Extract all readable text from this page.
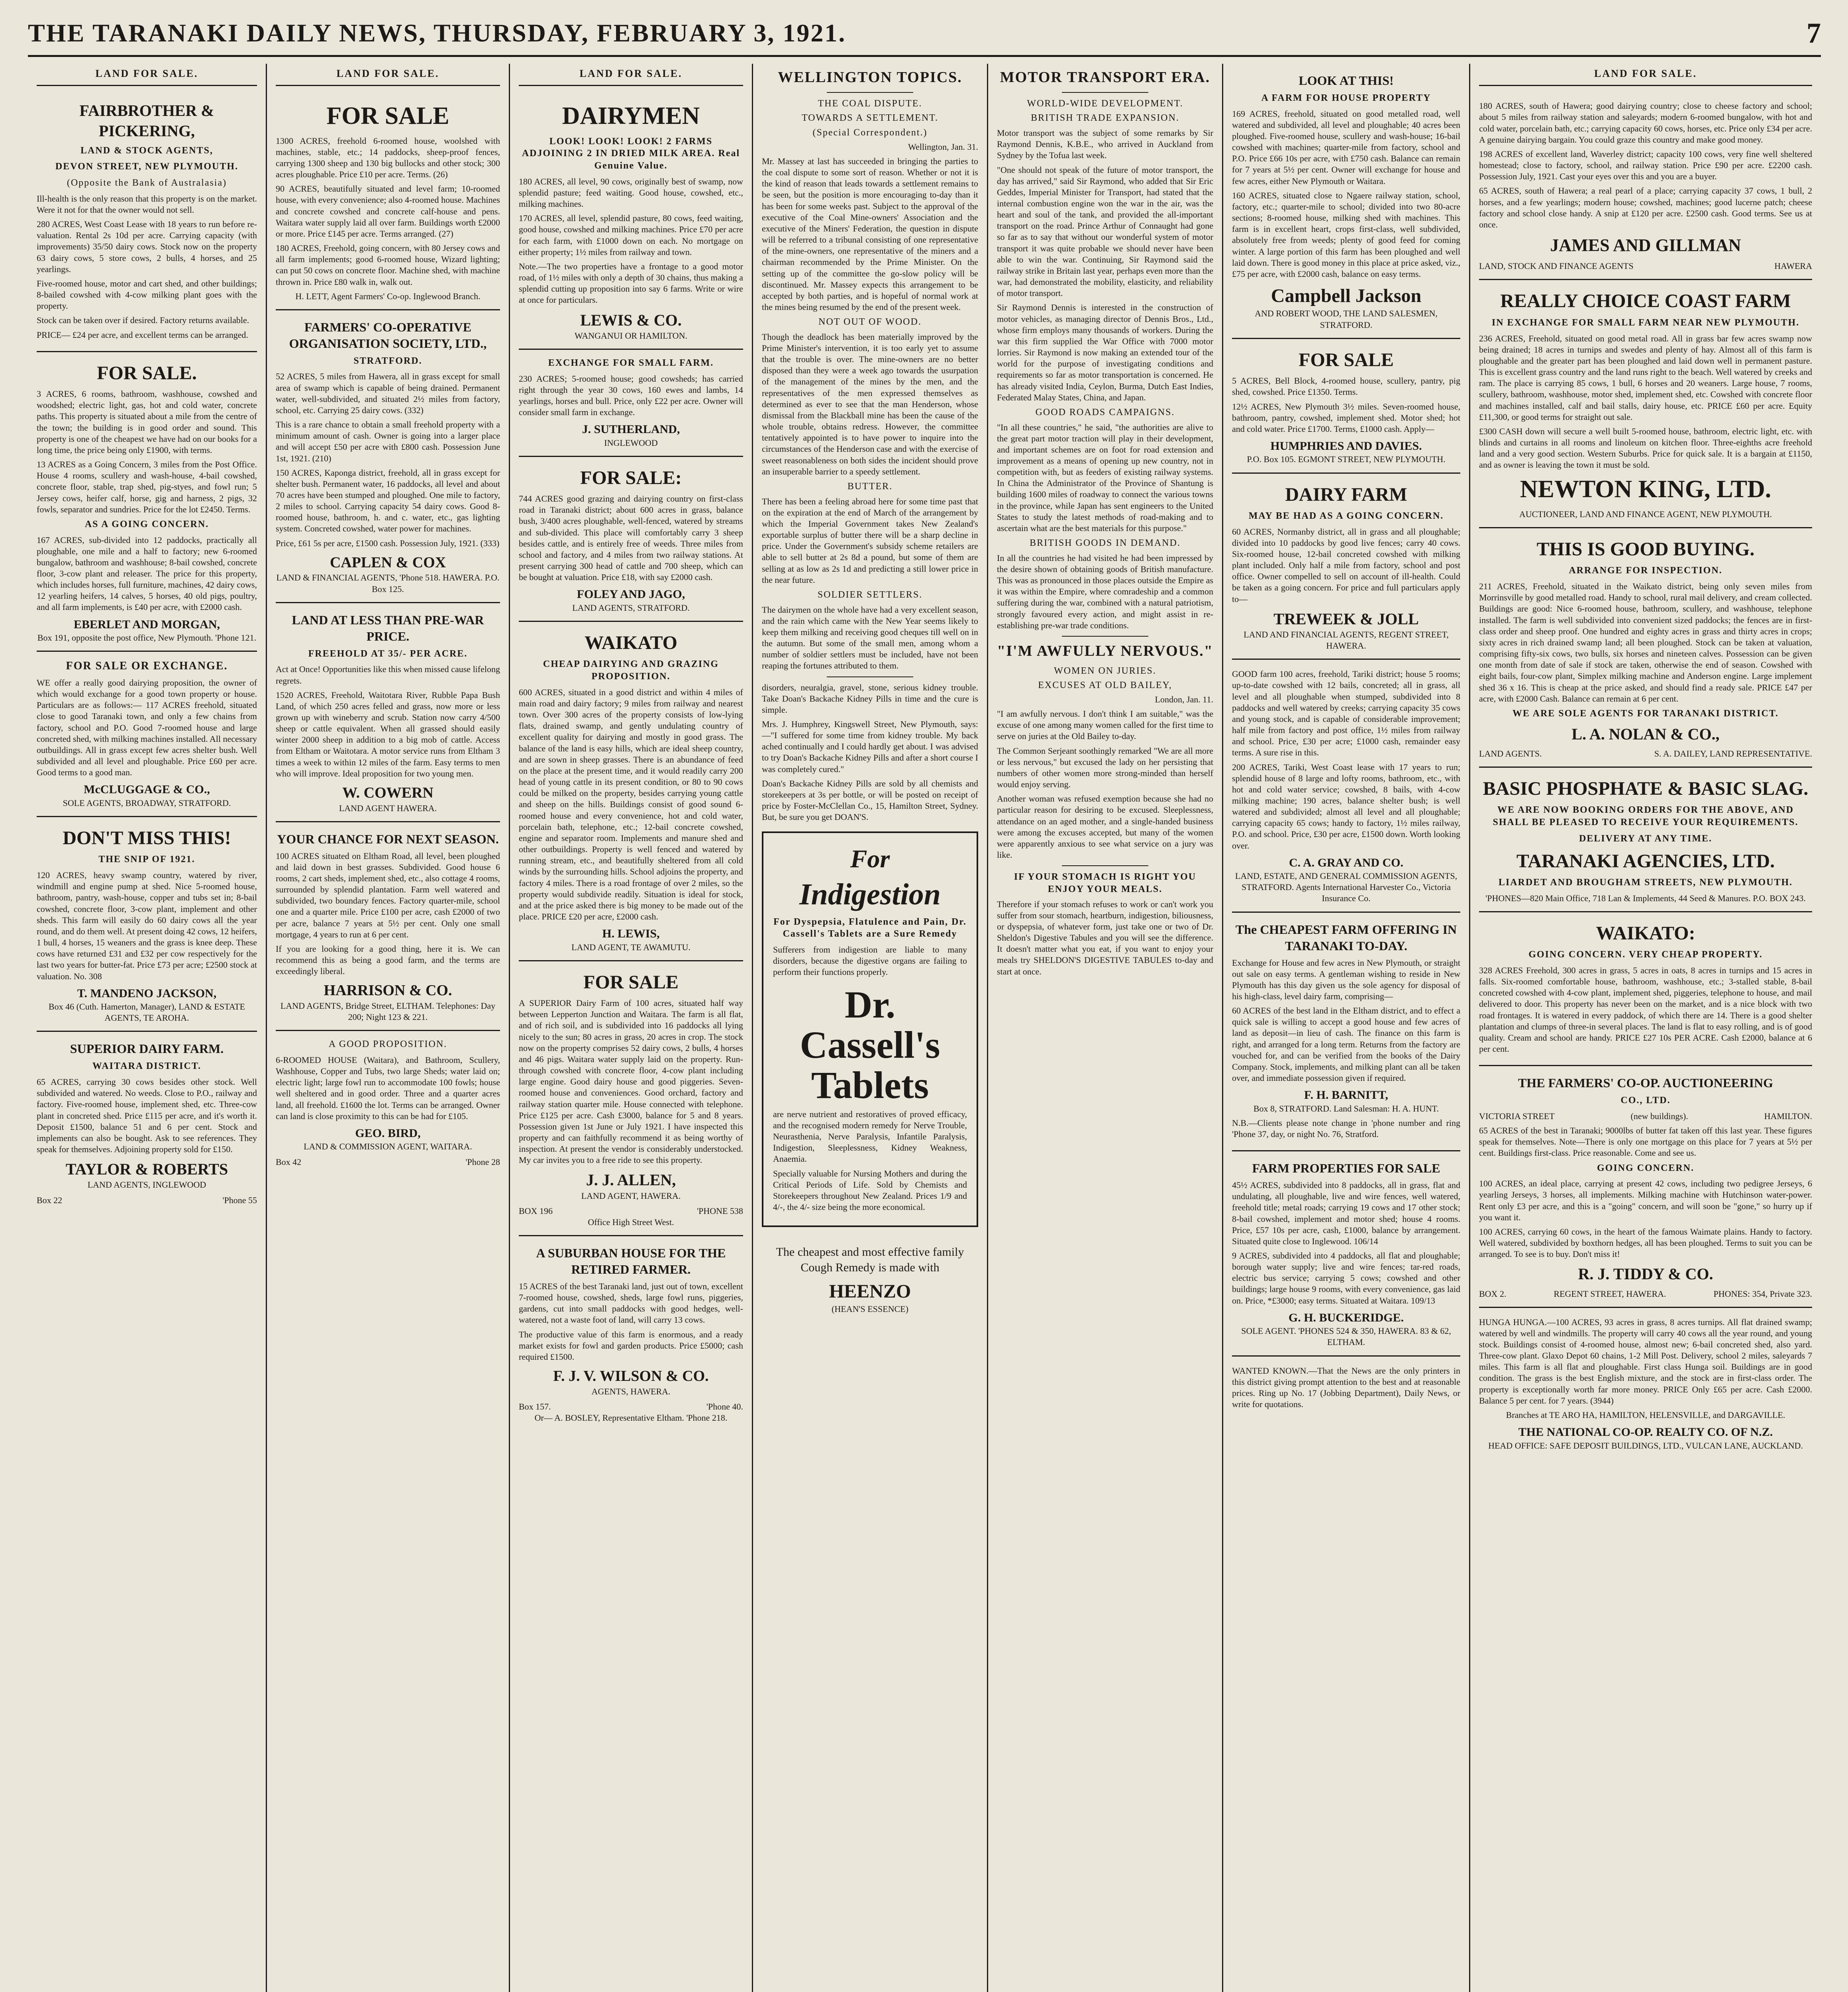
THE TARANAKI DAILY NEWS, THURSDAY, FEBRUARY 3, 1921.	7
LAND FOR SALE.
FAIRBROTHER & PICKERING,
LAND & STOCK AGENTS,
DEVON STREET, NEW PLYMOUTH.
(Opposite the Bank of Australasia)
Ill-health is the only reason that this property is on the market. Were it not for that the owner would not sell.
280 ACRES, West Coast Lease with 18 years to run before re-valuation. Rental 2s 10d per acre. Carrying capacity (with improvements) 35/50 dairy cows. Stock now on the property 63 dairy cows, 5 store cows, 2 bulls, 4 horses, and 25 yearlings.
Five-roomed house, motor and cart shed, and other buildings; 8-bailed cowshed with 4-cow milking plant goes with the property.
Stock can be taken over if desired. Factory returns available.
PRICE— £24 per acre, and excellent terms can be arranged.
FOR SALE.
3 ACRES, 6 rooms, bathroom, washhouse, cowshed and woodshed; electric light, gas, hot and cold water, concrete paths. This property is situated about a mile from the centre of the town; the building is in good order and sound. This property is one of the cheapest we have had on our books for a long time, the price being only £1900, with terms.
13 ACRES as a Going Concern, 3 miles from the Post Office. House 4 rooms, scullery and wash-house, 4-bail cowshed, concrete floor, stable, trap shed, pig-styes, and fowl run; 5 Jersey cows, heifer calf, horse, gig and harness, 2 pigs, 32 fowls, separator and sundries. Price for the lot £2450. Terms.
AS A GOING CONCERN.
167 ACRES, sub-divided into 12 paddocks, practically all ploughable, one mile and a half to factory; new 6-roomed bungalow, bathroom and washhouse; 8-bail cowshed, concrete floor, 3-cow plant and releaser. The price for this property, which includes horses, full furniture, machines, 42 dairy cows, 12 yearling heifers, 14 calves, 5 horses, 40 old pigs, poultry, and all farm implements, is £40 per acre, with £2000 cash.
EBERLET AND MORGAN,
Box 191, opposite the post office, New Plymouth. 'Phone 121.
FOR SALE OR EXCHANGE.
WE offer a really good dairying proposition, the owner of which would exchange for a good town property or house. Particulars are as follows:— 117 ACRES freehold, situated close to good Taranaki town, and only a few chains from factory, school and P.O. Good 7-roomed house and large concreted shed, with milking machines installed. All necessary outbuildings. All in grass except few acres shelter bush. Well subdivided and all level and ploughable. Price £60 per acre. Good terms to a good man.
McCLUGGAGE & CO.,
SOLE AGENTS, BROADWAY, STRATFORD.
DON'T MISS THIS!
THE SNIP OF 1921.
120 ACRES, heavy swamp country, watered by river, windmill and engine pump at shed. Nice 5-roomed house, bathroom, pantry, wash-house, copper and tubs set in; 8-bail cowshed, concrete floor, 3-cow plant, implement and other sheds. This farm will easily do 60 dairy cows all the year round, and do them well. At present doing 42 cows, 12 heifers, 1 bull, 4 horses, 15 weaners and the grass is knee deep. These cows have returned £31 and £32 per cow respectively for the last two years for butter-fat. Price £73 per acre; £2500 stock at valuation. No. 308
T. MANDENO JACKSON,
Box 46 (Cuth. Hamerton, Manager), LAND & ESTATE AGENTS, TE AROHA.
SUPERIOR DAIRY FARM.
WAITARA DISTRICT.
65 ACRES, carrying 30 cows besides other stock. Well subdivided and watered. No weeds. Close to P.O., railway and factory. Five-roomed house, implement shed, etc. Three-cow plant in concreted shed. Price £115 per acre, and it's worth it. Deposit £1500, balance 51 and 6 per cent. Stock and implements can also be bought. Ask to see references. They speak for themselves. Adjoining property sold for £150.
TAYLOR & ROBERTS
LAND AGENTS, INGLEWOOD
Box 22	'Phone 55
LAND FOR SALE.
FOR SALE
1300 ACRES, freehold 6-roomed house, woolshed with machines, stable, etc.; 14 paddocks, sheep-proof fences, carrying 1300 sheep and 130 big bullocks and other stock; 300 acres ploughable. Price £10 per acre. Terms. (26)
90 ACRES, beautifully situated and level farm; 10-roomed house, with every convenience; also 4-roomed house. Machines and concrete cowshed and concrete calf-house and pens. Waitara water supply laid all over farm. Buildings worth £2000 or more. Price £145 per acre. Terms arranged. (27)
180 ACRES, Freehold, going concern, with 80 Jersey cows and all farm implements; good 6-roomed house, Wizard lighting; can put 50 cows on concrete floor. Machine shed, with machine thrown in. Price £80 walk in, walk out.
H. LETT, Agent Farmers' Co-op. Inglewood Branch.
FARMERS' CO-OPERATIVE ORGANISATION SOCIETY, LTD.,
STRATFORD.
52 ACRES, 5 miles from Hawera, all in grass except for small area of swamp which is capable of being drained. Permanent water, well-subdivided, and situated 2½ miles from factory, school, etc. Carrying 25 dairy cows. (332)
This is a rare chance to obtain a small freehold property with a minimum amount of cash. Owner is going into a larger place and will accept £50 per acre with £800 cash. Possession June 1st, 1921. (210)
150 ACRES, Kaponga district, freehold, all in grass except for shelter bush. Permanent water, 16 paddocks, all level and about 70 acres have been stumped and ploughed. One mile to factory, 2 miles to school. Carrying capacity 54 dairy cows. Good 8-roomed house, bathroom, h. and c. water, etc., gas lighting system. Concreted cowshed, water power for machines.
Price, £61 5s per acre, £1500 cash. Possession July, 1921. (333)
CAPLEN & COX
LAND & FINANCIAL AGENTS, 'Phone 518. HAWERA. P.O. Box 125.
LAND AT LESS THAN PRE-WAR PRICE.
FREEHOLD AT 35/- PER ACRE.
Act at Once! Opportunities like this when missed cause lifelong regrets.
1520 ACRES, Freehold, Waitotara River, Rubble Papa Bush Land, of which 250 acres felled and grass, now more or less grown up with wineberry and scrub. Station now carry 4/500 sheep or cattle equivalent. When all grassed should easily winter 2000 sheep in addition to a big mob of cattle. Access from Eltham or Waitotara. A motor service runs from Eltham 3 times a week to within 12 miles of the farm. Easy terms to men who will improve. Ideal proposition for two young men.
W. COWERN
LAND AGENT HAWERA.
YOUR CHANCE FOR NEXT SEASON.
100 ACRES situated on Eltham Road, all level, been ploughed and laid down in best grasses. Subdivided. Good house 6 rooms, 2 cart sheds, implement shed, etc., also cottage 4 rooms, surrounded by splendid plantation. Farm well watered and subdivided, two boundary fences. Factory quarter-mile, school one and a quarter mile. Price £100 per acre, cash £2000 of two per acre, balance 7 years at 5½ per cent. Only one small mortgage, 4 years to run at 6 per cent.
If you are looking for a good thing, here it is. We can recommend this as being a good farm, and the terms are exceedingly liberal.
HARRISON & CO.
LAND AGENTS, Bridge Street, ELTHAM. Telephones: Day 200; Night 123 & 221.
A GOOD PROPOSITION.
6-ROOMED HOUSE (Waitara), and Bathroom, Scullery, Washhouse, Copper and Tubs, two large Sheds; water laid on; electric light; large fowl run to accommodate 100 fowls; house well sheltered and in good order. Three and a quarter acres land, all freehold. £1600 the lot. Terms can be arranged. Owner can land is close proximity to this can be had for £105.
GEO. BIRD,
LAND & COMMISSION AGENT, WAITARA.
Box 42	'Phone 28
LAND FOR SALE.
DAIRYMEN
LOOK! LOOK! LOOK! 2 FARMS ADJOINING 2 IN DRIED MILK AREA. Real Genuine Value.
180 ACRES, all level, 90 cows, originally best of swamp, now splendid pasture; feed waiting. Good house, cowshed, etc., milking machines.
170 ACRES, all level, splendid pasture, 80 cows, feed waiting, good house, cowshed and milking machines. Price £70 per acre for each farm, with £1000 down on each. No mortgage on either property; 1½ miles from railway and town.
Note.—The two properties have a frontage to a good motor road, of 1½ miles with only a depth of 30 chains, thus making a splendid cutting up proposition into say 6 farms. Write or wire at once for particulars.
LEWIS & CO.
WANGANUI OR HAMILTON.
EXCHANGE FOR SMALL FARM.
230 ACRES; 5-roomed house; good cowsheds; has carried right through the year 30 cows, 160 ewes and lambs, 14 yearlings, horses and bull. Price, only £22 per acre. Owner will consider small farm in exchange.
J. SUTHERLAND,
INGLEWOOD
FOR SALE:
744 ACRES good grazing and dairying country on first-class road in Taranaki district; about 600 acres in grass, balance bush, 3/400 acres ploughable, well-fenced, watered by streams and sub-divided. This place will comfortably carry 3 sheep besides cattle, and is entirely free of weeds. Three miles from school and factory, and 4 miles from two railway stations. At present carrying 300 head of cattle and 700 sheep, which can be bought at valuation. Price £18, with say £2000 cash.
FOLEY AND JAGO,
LAND AGENTS, STRATFORD.
WAIKATO
CHEAP DAIRYING AND GRAZING PROPOSITION.
600 ACRES, situated in a good district and within 4 miles of main road and dairy factory; 9 miles from railway and nearest town. Over 300 acres of the property consists of low-lying flats, drained swamp, and gently undulating country of excellent quality for dairying and mostly in good grass. The balance of the land is easy hills, which are ideal sheep country, and are sown in sheep grasses. There is an abundance of feed on the place at the present time, and it would readily carry 200 head of young cattle in its present condition, or 80 to 90 cows could be milked on the property, besides carrying young cattle and sheep on the hills. Buildings consist of good sound 6-roomed house and every convenience, hot and cold water, porcelain bath, telephone, etc.; 12-bail concrete cowshed, engine and separator room. Implements and manure shed and other outbuildings. Property is well fenced and watered by running stream, etc., and beautifully sheltered from all cold winds by the surrounding hills. School adjoins the property, and factory 4 miles. There is a road frontage of over 2 miles, so the property would subdivide readily. Situation is ideal for stock, and at the price asked there is big money to be made out of the place. PRICE £20 per acre, £2000 cash.
H. LEWIS,
LAND AGENT, TE AWAMUTU.
FOR SALE
A SUPERIOR Dairy Farm of 100 acres, situated half way between Lepperton Junction and Waitara. The farm is all flat, and of rich soil, and is subdivided into 16 paddocks all lying nicely to the sun; 80 acres in grass, 20 acres in crop. The stock now on the property comprises 52 dairy cows, 2 bulls, 4 horses and 46 pigs. Waitara water supply laid on the property. Run-through cowshed with concrete floor, 4-cow plant including large engine. Good dairy house and good piggeries. Seven-roomed house and conveniences. Good orchard, factory and railway station quarter mile. House connected with telephone. Price £125 per acre. Cash £3000, balance for 5 and 8 years. Possession given 1st June or July 1921. I have inspected this property and can faithfully recommend it as being worthy of inspection. At present the vendor is considerably understocked. My car invites you to a free ride to see this property.
J. J. ALLEN,
LAND AGENT, HAWERA.
BOX 196	'PHONE 538
Office High Street West.
A SUBURBAN HOUSE FOR THE RETIRED FARMER.
15 ACRES of the best Taranaki land, just out of town, excellent 7-roomed house, cowshed, sheds, large fowl runs, piggeries, gardens, cut into small paddocks with good hedges, well-watered, not a waste foot of land, will carry 13 cows.
The productive value of this farm is enormous, and a ready market exists for fowl and garden products. Price £5000; cash required £1500.
F. J. V. WILSON & CO.
AGENTS, HAWERA.
Box 157.	'Phone 40.
Or— A. BOSLEY, Representative Eltham. 'Phone 218.
WELLINGTON TOPICS.
THE COAL DISPUTE.
TOWARDS A SETTLEMENT.
(Special Correspondent.)
Wellington, Jan. 31.
Mr. Massey at last has succeeded in bringing the parties to the coal dispute to some sort of reason. Whether or not it is the kind of reason that leads towards a settlement remains to be seen, but the position is more encouraging to-day than it has been for some weeks past. Subject to the approval of the executive of the Coal Mine-owners' Association and the executive of the Miners' Federation, the question in dispute will be referred to a tribunal consisting of one representative of the mine-owners, one representative of the miners and a chairman recommended by the Prime Minister. On the setting up of the committee the go-slow policy will be discontinued. Mr. Massey expects this arrangement to be accepted by both parties, and is hopeful of normal work at the mines being resumed by the end of the present week.
NOT OUT OF WOOD.
Though the deadlock has been materially improved by the Prime Minister's intervention, it is too early yet to assume that the trouble is over. The mine-owners are no better disposed than they were a week ago towards the usurpation of the management of the mines by the men, and the representatives of the men expressed themselves as determined as ever to see that the man Henderson, whose dismissal from the Blackball mine has been the cause of the whole trouble, obtains redress. However, the committee tentatively appointed is to have power to inquire into the circumstances of the Henderson case and with the exercise of sweet reasonableness on both sides the incident should prove an insuperable barrier to a speedy settlement.
BUTTER.
There has been a feeling abroad here for some time past that on the expiration at the end of March of the arrangement by which the Imperial Government takes New Zealand's exportable surplus of butter there will be a sharp decline in price. Under the Government's subsidy scheme retailers are able to sell butter at 2s 8d a pound, but some of them are selling at as low as 2s 1d and predicting a still lower price in the near future.
SOLDIER SETTLERS.
The dairymen on the whole have had a very excellent season, and the rain which came with the New Year seems likely to keep them milking and receiving good cheques till well on in the autumn. But some of the small men, among whom a number of soldier settlers must be included, have not been reaping the fortunes attributed to them.
disorders, neuralgia, gravel, stone, serious kidney trouble. Take Doan's Backache Kidney Pills in time and the cure is simple.
Mrs. J. Humphrey, Kingswell Street, New Plymouth, says:—"I suffered for some time from kidney trouble. My back ached continually and I could hardly get about. I was advised to try Doan's Backache Kidney Pills and after a short course I was completely cured."
Doan's Backache Kidney Pills are sold by all chemists and storekeepers at 3s per bottle, or will be posted on receipt of price by Foster-McClellan Co., 15, Hamilton Street, Sydney. But, be sure you get DOAN'S.
For
Indigestion
For Dyspepsia, Flatulence and Pain, Dr. Cassell's Tablets are a Sure Remedy
Sufferers from indigestion are liable to many disorders, because the digestive organs are failing to perform their functions properly.
Dr. Cassell's Tablets
are nerve nutrient and restoratives of proved efficacy, and the recognised modern remedy for Nerve Trouble, Neurasthenia, Nerve Paralysis, Infantile Paralysis, Indigestion, Sleeplessness, Kidney Weakness, Anaemia.
Specially valuable for Nursing Mothers and during the Critical Periods of Life. Sold by Chemists and Storekeepers throughout New Zealand. Prices 1/9 and 4/-, the 4/- size being the more economical.
The cheapest and most effective family Cough Remedy is made with
HEENZO
(HEAN'S ESSENCE)
MOTOR TRANSPORT ERA.
WORLD-WIDE DEVELOPMENT.
BRITISH TRADE EXPANSION.
Motor transport was the subject of some remarks by Sir Raymond Dennis, K.B.E., who arrived in Auckland from Sydney by the Tofua last week.
"One should not speak of the future of motor transport, the day has arrived," said Sir Raymond, who added that Sir Eric Geddes, Imperial Minister for Transport, had stated that the internal combustion engine won the war in the air, was the heart and soul of the tank, and provided the all-important transport on the road. Prince Arthur of Connaught had gone so far as to say that without our wonderful system of motor transport it was quite probable we should never have been able to win the war. Continuing, Sir Raymond said the railway strike in Britain last year, perhaps even more than the war, had demonstrated the mobility, elasticity, and reliability of motor transport.
Sir Raymond Dennis is interested in the construction of motor vehicles, as managing director of Dennis Bros., Ltd., whose firm employs many thousands of workers. During the war this firm supplied the War Office with 7000 motor lorries. Sir Raymond is now making an extended tour of the world for the purpose of investigating conditions and requirements so far as motor transportation is concerned. He has already visited India, Ceylon, Burma, Dutch East Indies, Federated Malay States, China, and Japan.
GOOD ROADS CAMPAIGNS.
"In all these countries," he said, "the authorities are alive to the great part motor traction will play in their development, and important schemes are on foot for road extension and improvement as a means of opening up new country, not in competition with, but as feeders of existing railway systems. In China the Administrator of the Province of Shantung is building 1600 miles of roadway to connect the various towns in the province, while Japan has sent engineers to the United States to study the latest methods of road-making and to ascertain what are the best materials for this purpose."
BRITISH GOODS IN DEMAND.
In all the countries he had visited he had been impressed by the desire shown of obtaining goods of British manufacture. This was as pronounced in those places outside the Empire as it was within the Empire, where comradeship and a common suffering during the war, combined with a natural patriotism, strongly favoured every action, and might assist in re-establishing pre-war trade conditions.
"I'M AWFULLY NERVOUS."
WOMEN ON JURIES.
EXCUSES AT OLD BAILEY,
London, Jan. 11.
"I am awfully nervous. I don't think I am suitable," was the excuse of one among many women called for the first time to serve on juries at the Old Bailey to-day.
The Common Serjeant soothingly remarked "We are all more or less nervous," but excused the lady on her persisting that numbers of other women more strong-minded than herself would enjoy serving.
Another woman was refused exemption because she had no particular reason for desiring to be excused. Sleeplessness, attendance on an aged mother, and a single-handed business were among the excuses accepted, but many of the women were apparently anxious to see what service on a jury was like.
IF YOUR STOMACH IS RIGHT YOU ENJOY YOUR MEALS.
Therefore if your stomach refuses to work or can't work you suffer from sour stomach, heartburn, indigestion, biliousness, or dyspepsia, of whatever form, just take one or two of Dr. Sheldon's Digestive Tabules and you will see the difference. It doesn't matter what you eat, if you want to enjoy your meals try SHELDON'S DIGESTIVE TABULES to-day and start at once.
LOOK AT THIS!
A FARM FOR HOUSE PROPERTY
169 ACRES, freehold, situated on good metalled road, well watered and subdivided, all level and ploughable; 40 acres been ploughed. Five-roomed house, scullery and wash-house; 16-bail cowshed with machines; quarter-mile from factory, school and P.O. Price £66 10s per acre, with £750 cash. Balance can remain for 7 years at 5½ per cent. Owner will exchange for house and few acres, either New Plymouth or Waitara.
160 ACRES, situated close to Ngaere railway station, school, factory, etc.; quarter-mile to school; divided into two 80-acre sections; 8-roomed house, milking shed with machines. This farm is in excellent heart, crops first-class, well subdivided, absolutely free from weeds; plenty of good feed for coming winter. A large portion of this farm has been ploughed and well laid down. There is good money in this place at price asked, viz., £75 per acre, with £2000 cash, balance on easy terms.
Campbell Jackson
AND ROBERT WOOD, THE LAND SALESMEN, STRATFORD.
FOR SALE
5 ACRES, Bell Block, 4-roomed house, scullery, pantry, pig shed, cowshed. Price £1350. Terms.
12½ ACRES, New Plymouth 3½ miles. Seven-roomed house, bathroom, pantry, cowshed, implement shed. Motor shed; hot and cold water. Price £1700. Terms, £1000 cash. Apply—
HUMPHRIES AND DAVIES.
P.O. Box 105. EGMONT STREET, NEW PLYMOUTH.
DAIRY FARM
MAY BE HAD AS A GOING CONCERN.
60 ACRES, Normanby district, all in grass and all ploughable; divided into 10 paddocks by good live fences; carry 40 cows. Six-roomed house, 12-bail concreted cowshed with milking plant included. Only half a mile from factory, school and post office. Owner compelled to sell on account of ill-health. Could be taken as a going concern. For price and full particulars apply to—
TREWEEK & JOLL
LAND AND FINANCIAL AGENTS, REGENT STREET, HAWERA.
GOOD farm 100 acres, freehold, Tariki district; house 5 rooms; up-to-date cowshed with 12 bails, concreted; all in grass, all level and all ploughable when stumped, subdivided into 8 paddocks and well watered by creeks; carrying capacity 35 cows and young stock, and is capable of considerable improvement; half mile from factory and post office, 1½ miles from railway and school. Price, £30 per acre; £1000 cash, remainder easy terms. A sure rise in this.
200 ACRES, Tariki, West Coast lease with 17 years to run; splendid house of 8 large and lofty rooms, bathroom, etc., with hot and cold water service; cowshed, 8 bails, with 4-cow milking machine; 190 acres, balance shelter bush; is well watered and subdivided; almost all level and all ploughable; carrying capacity 65 cows; handy to factory, 1½ miles railway, P.O. and school. Price, £30 per acre, £1500 down. Worth looking over.
C. A. GRAY AND CO.
LAND, ESTATE, AND GENERAL COMMISSION AGENTS, STRATFORD. Agents International Harvester Co., Victoria Insurance Co.
The CHEAPEST FARM OFFERING IN TARANAKI TO-DAY.
Exchange for House and few acres in New Plymouth, or straight out sale on easy terms. A gentleman wishing to reside in New Plymouth has this day given us the sole agency for disposal of his high-class, level dairy farm, comprising—
60 ACRES of the best land in the Eltham district, and to effect a quick sale is willing to accept a good house and few acres of land as deposit—in lieu of cash. The finance on this farm is right, and arranged for a long term. Returns from the factory are vouched for, and can be verified from the books of the Dairy Company. Stock, implements, and milking plant can all be taken over, and immediate possession given if required.
F. H. BARNITT,
Box 8, STRATFORD. Land Salesman: H. A. HUNT.
N.B.—Clients please note change in 'phone number and ring 'Phone 37, day, or night No. 76, Stratford.
FARM PROPERTIES FOR SALE
45½ ACRES, subdivided into 8 paddocks, all in grass, flat and undulating, all ploughable, live and wire fences, well watered, freehold title; metal roads; carrying 19 cows and 17 other stock; 8-bail cowshed, implement and motor shed; house 4 rooms. Price, £57 10s per acre, cash, £1000, balance by arrangement. Situated quite close to Inglewood. 106/14
9 ACRES, subdivided into 4 paddocks, all flat and ploughable; borough water supply; live and wire fences; tar-red roads, electric bus service; carrying 5 cows; cowshed and other buildings; large house 9 rooms, with every convenience, gas laid on. Price, *£3000; easy terms. Situated at Waitara. 109/13
G. H. BUCKERIDGE.
SOLE AGENT. 'PHONES 524 & 350, HAWERA. 83 & 62, ELTHAM.
WANTED KNOWN.—That the News are the only printers in this district giving prompt attention to the best and at reasonable prices. Ring up No. 17 (Jobbing Department), Daily News, or write for quotations.
LAND FOR SALE.
180 ACRES, south of Hawera; good dairying country; close to cheese factory and school; about 5 miles from railway station and saleyards; modern 6-roomed bungalow, with hot and cold water, porcelain bath, etc.; carrying capacity 60 cows, horses, etc. Price only £34 per acre. A genuine dairying bargain. You could graze this country and make good money.
198 ACRES of excellent land, Waverley district; capacity 100 cows, very fine well sheltered homestead; close to factory, school, and railway station. Price £90 per acre. £2200 cash. Possession July, 1921. Cast your eyes over this and you are a buyer.
65 ACRES, south of Hawera; a real pearl of a place; carrying capacity 37 cows, 1 bull, 2 horses, and a few yearlings; modern house; cowshed, machines; good lucerne patch; cheese factory and school close handy. A snip at £120 per acre. £2500 cash. Good terms. See us at once.
JAMES AND GILLMAN
LAND, STOCK AND FINANCE AGENTS	HAWERA
REALLY CHOICE COAST FARM
IN EXCHANGE FOR SMALL FARM NEAR NEW PLYMOUTH.
236 ACRES, Freehold, situated on good metal road. All in grass bar few acres swamp now being drained; 18 acres in turnips and swedes and plenty of hay. Almost all of this farm is ploughable and the greater part has been ploughed and laid down well in permanent pasture. This is excellent grass country and the land runs right to the beach. Well watered by creeks and ram. The place is carrying 85 cows, 1 bull, 6 horses and 20 weaners. Large house, 7 rooms, scullery, bathroom, washhouse, motor shed, implement shed, etc. Cowshed with concrete floor and machines installed, calf and bail stalls, dairy house, etc. PRICE £60 per acre. Equity £11,300, or good terms for straight out sale.
£300 CASH down will secure a well built 5-roomed house, bathroom, electric light, etc. with blinds and curtains in all rooms and linoleum on kitchen floor. Three-eighths acre freehold land and a very good section. Western Suburbs. Price for quick sale. It is a bargain at £1150, and as owner is leaving the town it must be sold.
NEWTON KING, LTD.
AUCTIONEER, LAND AND FINANCE AGENT, NEW PLYMOUTH.
THIS IS GOOD BUYING.
ARRANGE FOR INSPECTION.
211 ACRES, Freehold, situated in the Waikato district, being only seven miles from Morrinsville by good metalled road. Handy to school, rural mail delivery, and cream collected. Buildings are good: Nice 6-roomed house, bathroom, scullery, and washhouse, telephone installed. The farm is well subdivided into convenient sized paddocks; the fences are in first-class order and sheep proof. One hundred and eighty acres in grass and thirty acres in crops; sixty acres in rich drained swamp land; all been ploughed. Stock can be taken at valuation, comprising fifty-six cows, two bulls, six horses and nineteen calves. Possession can be given one month from date of sale if stock are taken, otherwise the end of season. Cowshed with eight bails, four-cow plant, Simplex milking machine and Anderson engine. Large implement shed 36 x 16. This is cheap at the price asked, and should find a ready sale. PRICE £47 per acre, with £2000 Cash. Balance can remain at 6 per cent.
WE ARE SOLE AGENTS FOR TARANAKI DISTRICT.
L. A. NOLAN & CO.,
LAND AGENTS.	S. A. DAILEY, LAND REPRESENTATIVE.
BASIC PHOSPHATE & BASIC SLAG.
WE ARE NOW BOOKING ORDERS FOR THE ABOVE, AND SHALL BE PLEASED TO RECEIVE YOUR REQUIREMENTS.
DELIVERY AT ANY TIME.
TARANAKI AGENCIES, LTD.
LIARDET AND BROUGHAM STREETS, NEW PLYMOUTH.
'PHONES—820 Main Office, 718 Lan & Implements, 44 Seed & Manures. P.O. BOX 243.
WAIKATO:
GOING CONCERN. VERY CHEAP PROPERTY.
328 ACRES Freehold, 300 acres in grass, 5 acres in oats, 8 acres in turnips and 15 acres in falls. Six-roomed comfortable house, bathroom, washhouse, etc.; 3-stalled stable, 8-bail concreted cowshed with 4-cow plant, implement shed, piggeries, telephone to house, and mail delivered to door. This property has never been on the market, and is a nice block with two road frontages. It is watered in every paddock, of which there are 14. There is a good shelter plantation and clumps of three-in several places. The land is flat to easy rolling, and is of good quality. Cream and school are handy. PRICE £27 10s PER ACRE. Cash £2000, balance at 6 per cent.
THE FARMERS' CO-OP. AUCTIONEERING
CO., LTD.
VICTORIA STREET	(new buildings).	HAMILTON.
65 ACRES of the best in Taranaki; 9000lbs of butter fat taken off this last year. These figures speak for themselves. Note—There is only one mortgage on this place for 7 years at 5½ per cent. Buildings first-class. Price reasonable. Come and see us.
GOING CONCERN.
100 ACRES, an ideal place, carrying at present 42 cows, including two pedigree Jerseys, 6 yearling Jerseys, 3 horses, all implements. Milking machine with Hutchinson water-power. Rent only £3 per acre, and this is a "going" concern, and will soon be "gone," so hurry up if you want it.
100 ACRES, carrying 60 cows, in the heart of the famous Waimate plains. Handy to factory. Well watered, subdivided by boxthorn hedges, all has been ploughed. Terms to suit you can be arranged. To see is to buy. Don't miss it!
R. J. TIDDY & CO.
BOX 2.	REGENT STREET, HAWERA.	PHONES: 354, Private 323.
HUNGA HUNGA.—100 ACRES, 93 acres in grass, 8 acres turnips. All flat drained swamp; watered by well and windmills. The property will carry 40 cows all the year round, and young stock. Buildings consist of 4-roomed house, almost new; 6-bail concreted shed, also yard. Three-cow plant. Glaxo Depot 60 chains, 1-2 Mill Post. Delivery, school 2 miles, saleyards 7 miles. This farm is all flat and ploughable. First class Hunga soil. Buildings are in good condition. The grass is the best English mixture, and the stock are in first-class order. The property is exceptionally worth far more money. PRICE Only £65 per acre. Cash £2000. Balance 5 per cent. for 7 years. (3944)
Branches at TE ARO HA, HAMILTON, HELENSVILLE, and DARGAVILLE.
THE NATIONAL CO-OP. REALTY CO. OF N.Z.
HEAD OFFICE: SAFE DEPOSIT BUILDINGS, LTD., VULCAN LANE, AUCKLAND.
